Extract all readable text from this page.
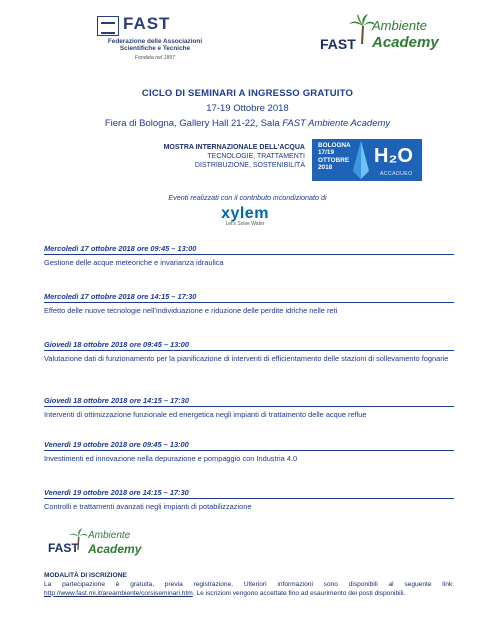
FAST
Federazione delle Associazioni
Scientifiche e Tecniche
Fondata nel 1897
FAST
Ambiente
Academy
CICLO DI SEMINARI A INGRESSO GRATUITO
17-19 Ottobre 2018
Fiera di Bologna, Gallery Hall 21-22, Sala FAST Ambiente Academy
MOSTRA INTERNAZIONALE DELL'ACQUA
TECNOLOGIE, TRATTAMENTI
DISTRIBUZIONE, SOSTENIBILITÀ
BOLOGNA
17/19
OTTOBRE
2018
H₂O
ACCADUEO
Eventi realizzati con il contributo incondizionato di
xylem
Let's Solve Water
Mercoledì 17 ottobre 2018 ore 09:45 – 13:00
Gestione delle acque meteoriche e invarianza idraulica
Mercoledì 17 ottobre 2018 ore 14:15 – 17:30
Effetto delle nuove tecnologie nell’individuazione e riduzione delle perdite idriche nelle reti
Giovedì 18 ottobre 2018 ore 09:45 – 13:00
Valutazione dati di funzionamento per la pianificazione di interventi di efficientamento delle stazioni di sollevamento fognarie
Giovedì 18 ottobre 2018 ore 14:15 – 17:30
Interventi di ottimizzazione funzionale ed energetica negli impianti di trattamento delle acque reflue
Venerdì 19 ottobre 2018 ore 09:45 – 13:00
Investimenti ed innovazione nella depurazione e pompaggio con Industria 4.0
Venerdì 19 ottobre 2018 ore 14:15 – 17:30
Controlli e trattamenti avanzati negli impianti di potabilizzazione
FAST
Ambiente
Academy
MODALITÀ DI ISCRIZIONE
La partecipazione è gratuita, previa registrazione. Ulteriori informazioni sono disponibili al seguente link: http://www.fast.mi.it/areambiente/corsiseminari.htm. Le iscrizioni vengono accettate fino ad esaurimento dei posti disponibili.
